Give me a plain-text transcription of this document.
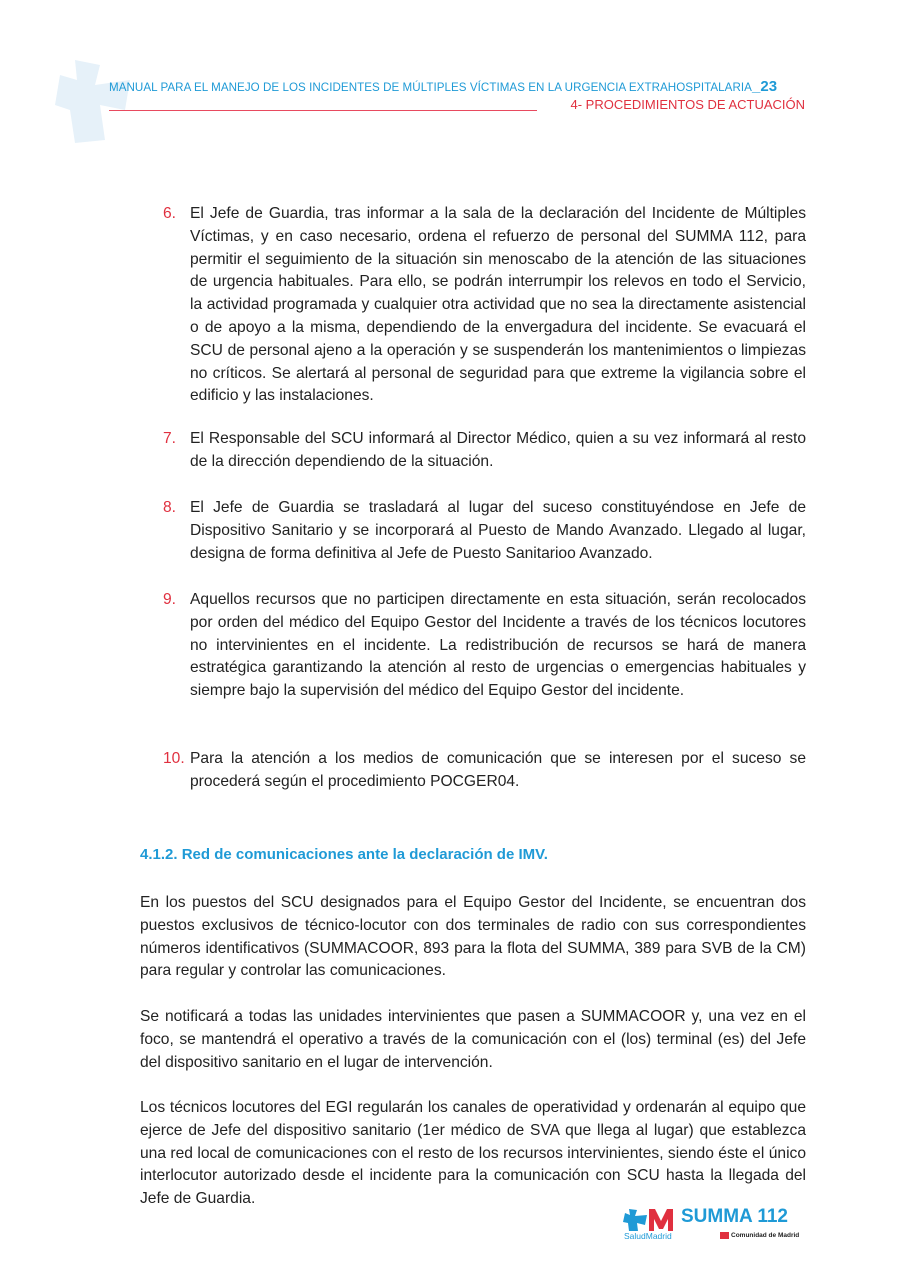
MANUAL PARA EL MANEJO DE LOS INCIDENTES DE MÚLTIPLES VÍCTIMAS EN LA URGENCIA EXTRAHOSPITALARIA_23
4- PROCEDIMIENTOS DE ACTUACIÓN
6. El Jefe de Guardia, tras informar a la sala de la declaración del Incidente de Múltiples Víctimas, y en caso necesario, ordena el refuerzo de personal del SUMMA 112, para permitir el seguimiento de la situación sin menoscabo de la atención de las situaciones de urgencia habituales. Para ello, se podrán interrumpir los relevos en todo el Servicio, la actividad programada y cualquier otra actividad que no sea la directamente asistencial o de apoyo a la misma, dependiendo de la envergadura del incidente. Se evacuará el SCU de personal ajeno a la operación y se suspenderán los mantenimientos o limpiezas no críticos. Se alertará al personal de seguridad para que extreme la vigilancia sobre el edificio y las instalaciones.
7. El Responsable del SCU informará al Director Médico, quien a su vez informará al resto de la dirección dependiendo de la situación.
8. El Jefe de Guardia se trasladará al lugar del suceso constituyéndose en Jefe de Dispositivo Sanitario y se incorporará al Puesto de Mando Avanzado. Llegado al lugar, designa de forma definitiva al Jefe de Puesto Sanitarioo Avanzado.
9. Aquellos recursos que no participen directamente en esta situación, serán recolocados por orden del médico del Equipo Gestor del Incidente a través de los técnicos locutores no intervinientes en el incidente. La redistribución de recursos se hará de manera estratégica garantizando la atención al resto de urgencias o emergencias habituales y siempre bajo la supervisión del médico del Equipo Gestor del incidente.
10. Para la atención a los medios de comunicación que se interesen por el suceso se procederá según el procedimiento POCGER04.
4.1.2. Red de comunicaciones ante la declaración de IMV.
En los puestos del SCU designados para el Equipo Gestor del Incidente, se encuentran dos puestos exclusivos de técnico-locutor con dos terminales de radio con sus correspondientes números identificativos (SUMMACOOR, 893 para la flota del SUMMA, 389 para SVB de la CM) para regular y controlar las comunicaciones.
Se notificará a todas las unidades intervinientes que pasen a SUMMACOOR y, una vez en el foco, se mantendrá el operativo a través de la comunicación con el (los) terminal (es) del Jefe del dispositivo sanitario en el lugar de intervención.
Los técnicos locutores del EGI regularán los canales de operatividad y ordenarán al equipo que ejerce de Jefe del dispositivo sanitario (1er médico de SVA que llega al lugar) que establezca una red local de comunicaciones con el resto de los recursos intervinientes, siendo éste el único interlocutor autorizado desde el incidente para la comunicación con SCU hasta la llegada del Jefe de Guardia.
SaludMadrid
SUMMA 112
Comunidad de Madrid
